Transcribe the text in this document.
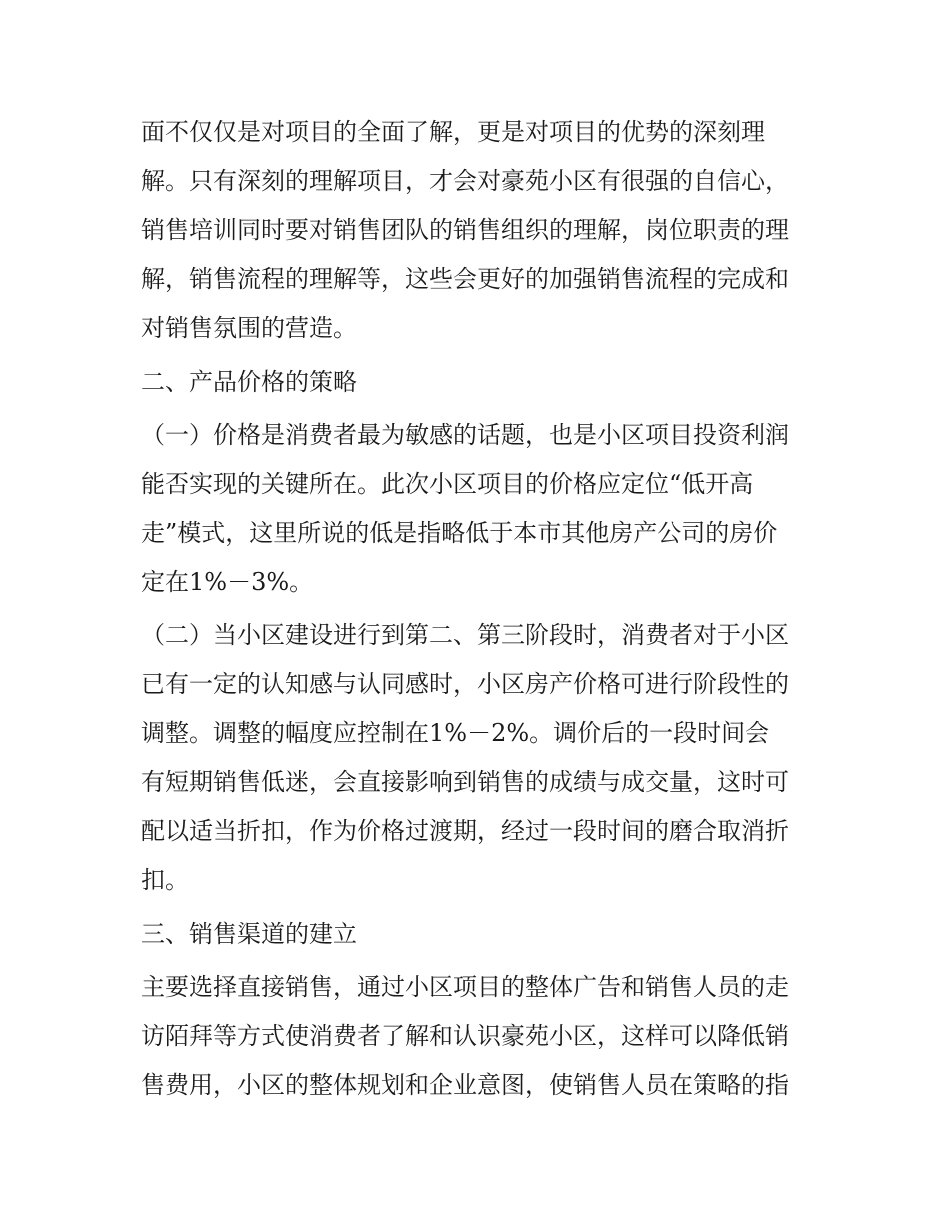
面不仅仅是对项目的全面了解，更是对项目的优势的深刻理
解。只有深刻的理解项目，才会对豪苑小区有很强的自信心，
销售培训同时要对销售团队的销售组织的理解，岗位职责的理
解，销售流程的理解等，这些会更好的加强销售流程的完成和
对销售氛围的营造。
二、产品价格的策略
（一）价格是消费者最为敏感的话题，也是小区项目投资利润
能否实现的关键所在。此次小区项目的价格应定位“低开高
走”模式，这里所说的低是指略低于本市其他房产公司的房价
定在1%－3%。
（二）当小区建设进行到第二、第三阶段时，消费者对于小区
已有一定的认知感与认同感时，小区房产价格可进行阶段性的
调整。调整的幅度应控制在1%－2%。调价后的一段时间会
有短期销售低迷，会直接影响到销售的成绩与成交量，这时可
配以适当折扣，作为价格过渡期，经过一段时间的磨合取消折
扣。
三、销售渠道的建立
主要选择直接销售，通过小区项目的整体广告和销售人员的走
访陌拜等方式使消费者了解和认识豪苑小区，这样可以降低销
售费用，小区的整体规划和企业意图，使销售人员在策略的指
